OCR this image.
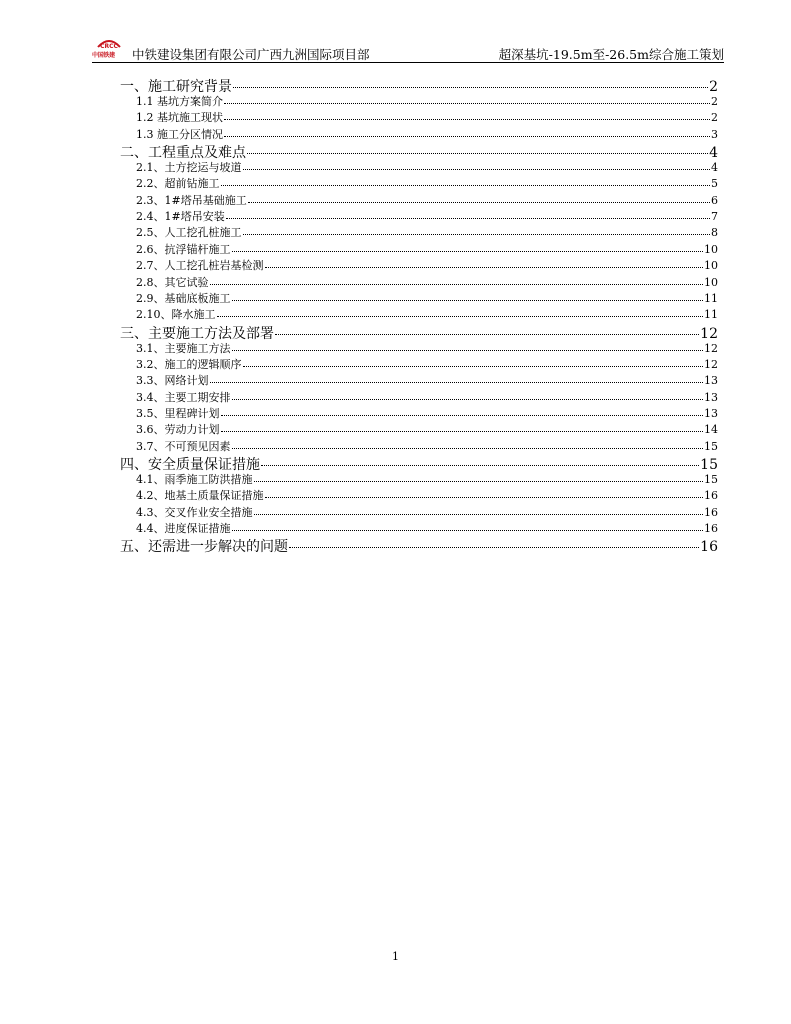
CRCC
中国铁建	中铁建设集团有限公司广西九洲国际项目部	超深基坑-19.5m至-26.5m综合施工策划
一、施工研究背景	2
1.1 基坑方案简介	2
1.2 基坑施工现状	2
1.3 施工分区情况	3
二、工程重点及难点	4
2.1、土方挖运与坡道	4
2.2、超前钻施工	5
2.3、1#塔吊基础施工	6
2.4、1#塔吊安装	7
2.5、人工挖孔桩施工	8
2.6、抗浮锚杆施工	10
2.7、人工挖孔桩岩基检测	10
2.8、其它试验	10
2.9、基础底板施工	11
2.10、降水施工	11
三、主要施工方法及部署	12
3.1、主要施工方法	12
3.2、施工的逻辑顺序	12
3.3、网络计划	13
3.4、主要工期安排	13
3.5、里程碑计划	13
3.6、劳动力计划	14
3.7、不可预见因素	15
四、安全质量保证措施	15
4.1、雨季施工防洪措施	15
4.2、地基土质量保证措施	16
4.3、交叉作业安全措施	16
4.4、进度保证措施	16
五、还需进一步解决的问题	16
1
